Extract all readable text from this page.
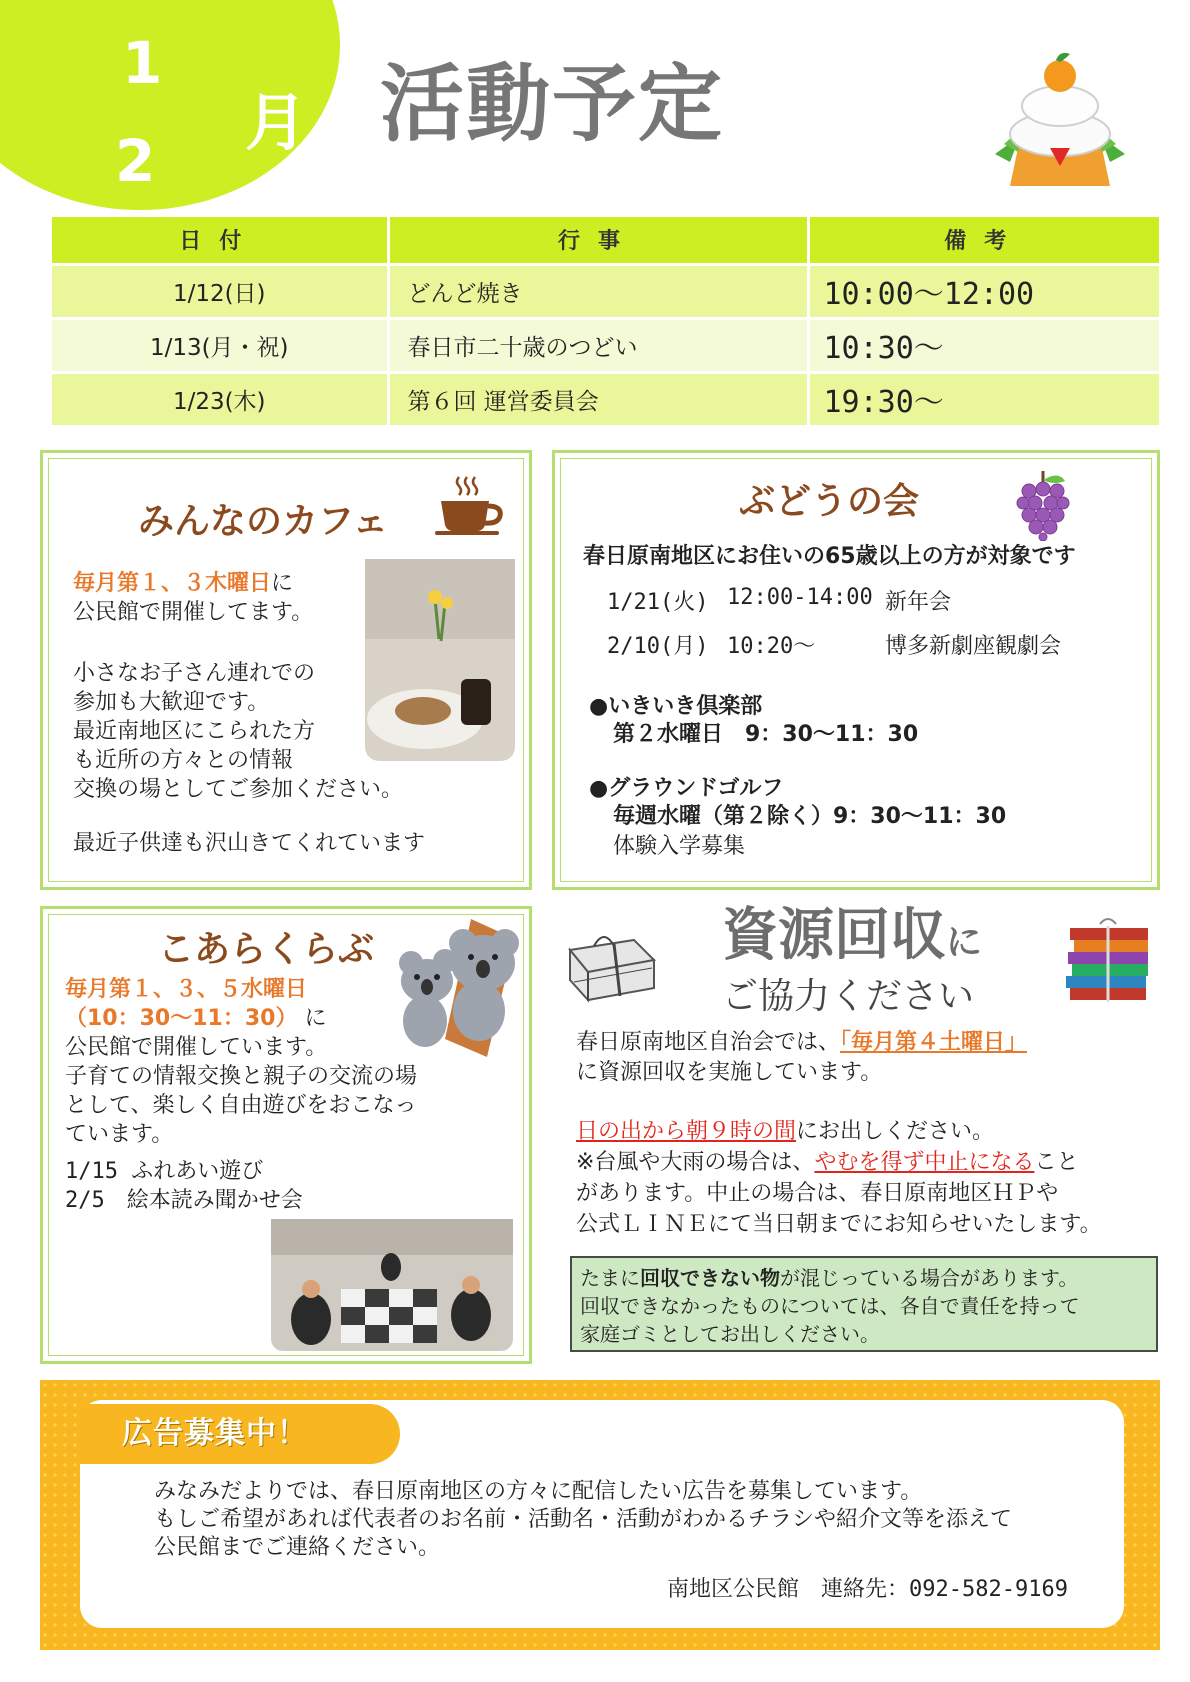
1
2
月 活動予定
日付	行事	備考
1/12(日)	どんど焼き	10:00～12:00
1/13(月・祝)	春日市二十歳のつどい	10:30～
1/23(木)	第６回 運営委員会	19:30～
みんなのカフェ
毎月第１、３木曜日に
公民館で開催してます。
小さなお子さん連れでの
参加も大歓迎です。
最近南地区にこられた方
も近所の方々との情報
交換の場としてご参加ください。
最近子供達も沢山きてくれています
ぶどうの会
春日原南地区にお住いの65歳以上の方が対象です
1/21(火) 12:00-14:00 新年会
2/10(月) 10:20～	博多新劇座観劇会
●いきいき倶楽部
第２水曜日　9：30～11：30
●グラウンドゴルフ
毎週水曜（第２除く）9：30～11：30
体験入学募集
こあらくらぶ
毎月第１、３、５水曜日
（10：30～11：30） に
公民館で開催しています。
子育ての情報交換と親子の交流の場
として、楽しく自由遊びをおこなっ
ています。
1/15 ふれあい遊び
2/5　絵本読み聞かせ会
資源回収に
ご協力ください
春日原南地区自治会では、「毎月第４土曜日」
に資源回収を実施しています。
日の出から朝９時の間にお出しください。
※台風や大雨の場合は、やむを得ず中止になること
があります。中止の場合は、春日原南地区ＨＰや
公式ＬＩＮＥにて当日朝までにお知らせいたします。
たまに回収できない物が混じっている場合があります。
回収できなかったものについては、各自で責任を持って
家庭ゴミとしてお出しください。
広告募集中！
みなみだよりでは、春日原南地区の方々に配信したい広告を募集しています。
もしご希望があれば代表者のお名前・活動名・活動がわかるチラシや紹介文等を添えて
公民館までご連絡ください。
南地区公民館　連絡先：092-582-9169
